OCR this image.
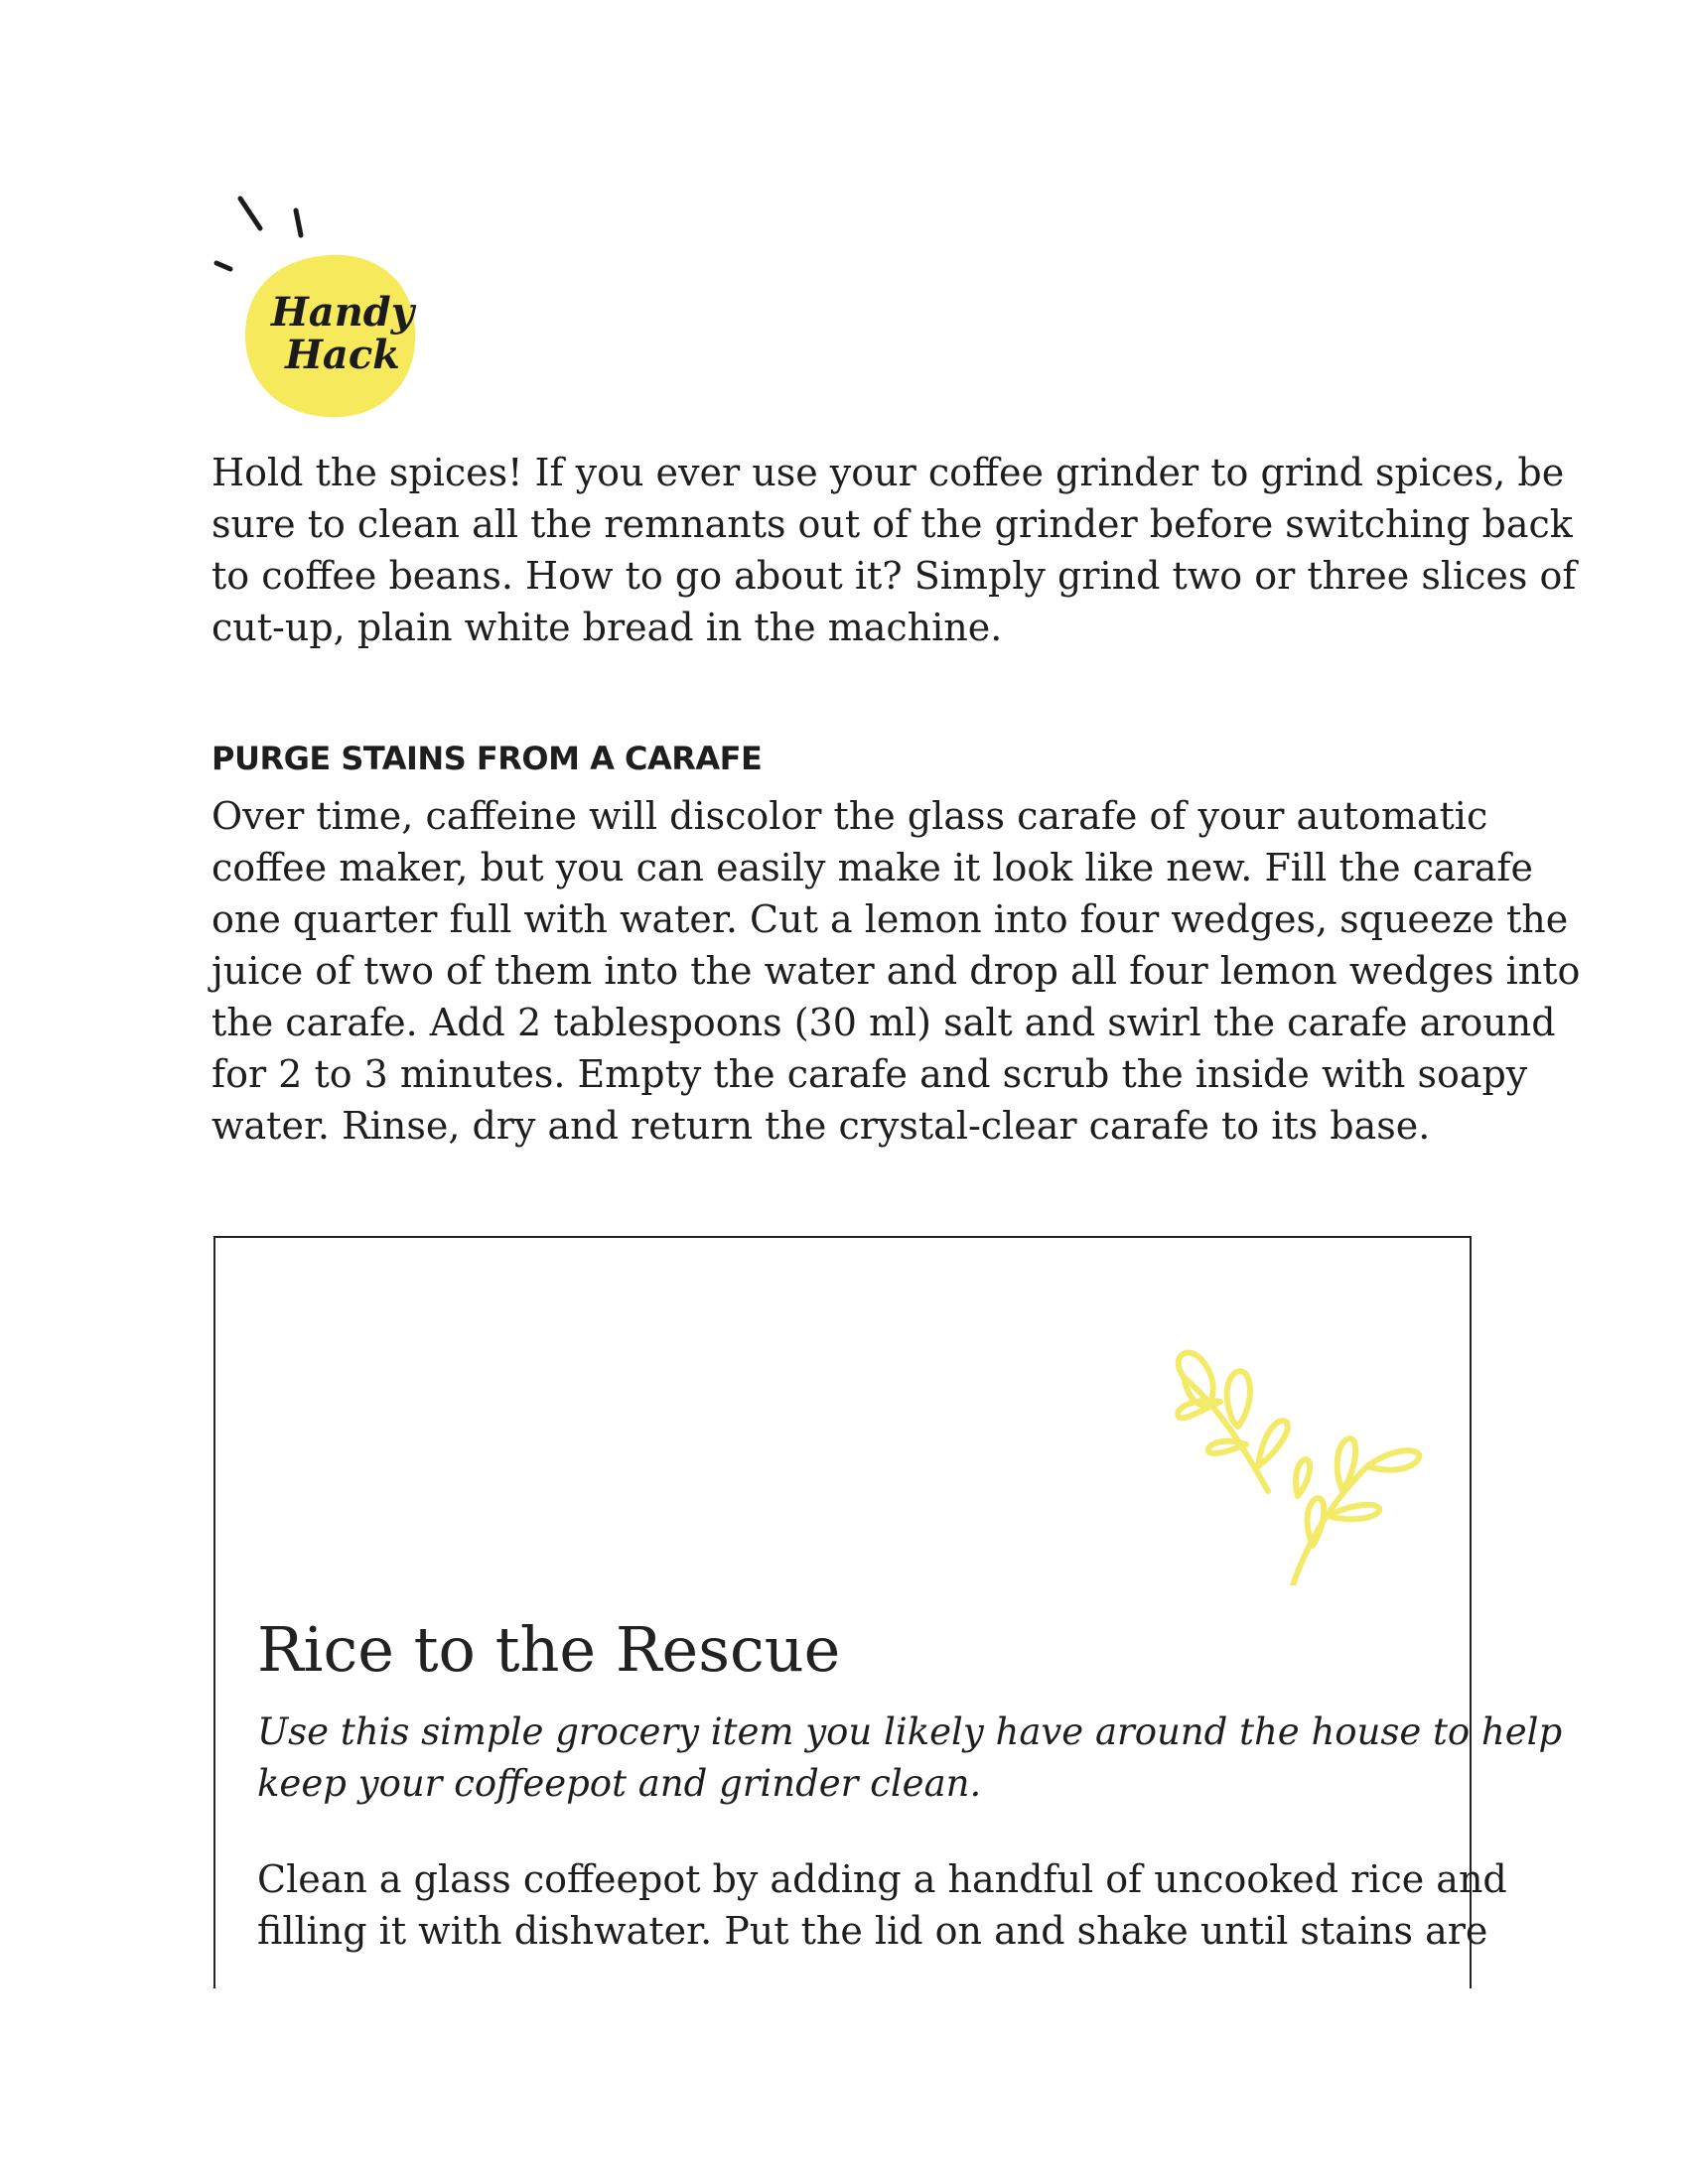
Handy
Hack

Hold the spices! If you ever use your coffee grinder to grind spices, be
sure to clean all the remnants out of the grinder before switching back
to coffee beans. How to go about it? Simply grind two or three slices of
cut-up, plain white bread in the machine.

PURGE STAINS FROM A CARAFE

Over time, caffeine will discolor the glass carafe of your automatic
coffee maker, but you can easily make it look like new. Fill the carafe
one quarter full with water. Cut a lemon into four wedges, squeeze the
juice of two of them into the water and drop all four lemon wedges into
the carafe. Add 2 tablespoons (30 ml) salt and swirl the carafe around
for 2 to 3 minutes. Empty the carafe and scrub the inside with soapy
water. Rinse, dry and return the crystal-clear carafe to its base.

Rice to the Rescue

Use this simple grocery item you likely have around the house to help
keep your coffeepot and grinder clean.

Clean a glass coffeepot by adding a handful of uncooked rice and
filling it with dishwater. Put the lid on and shake until stains are
